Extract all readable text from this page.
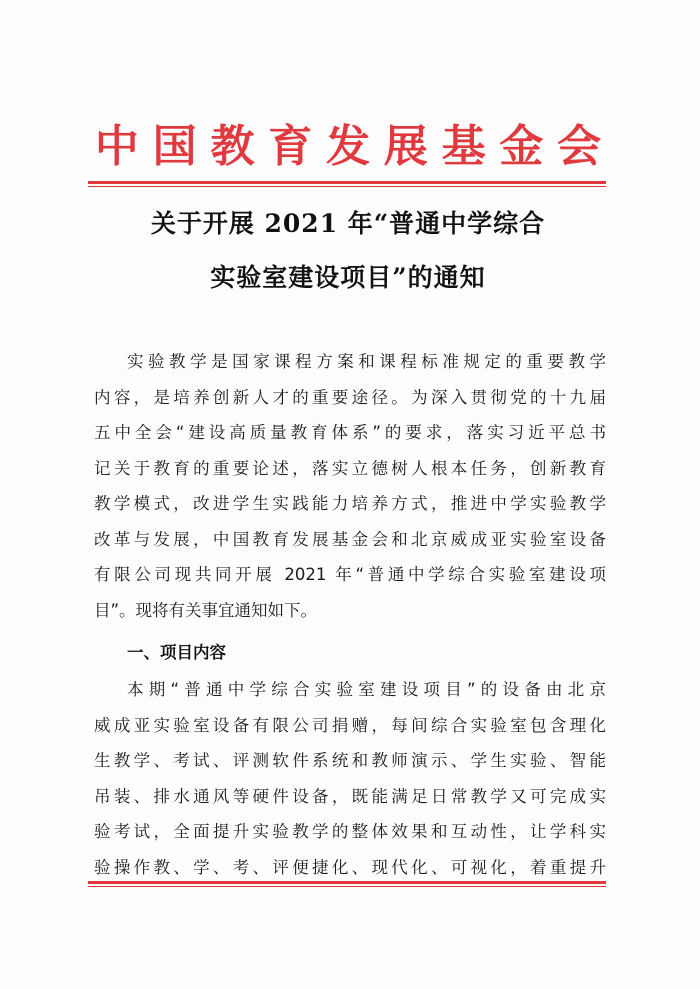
中 国 教 育 发 展 基 金 会
关于开展 2021 年“普通中学综合
实验室建设项目”的通知
实验教学是国家课程方案和课程标准规定的重要教学
内容，是培养创新人才的重要途径。为深入贯彻党的十九届
五中全会“建设高质量教育体系”的要求，落实习近平总书
记关于教育的重要论述，落实立德树人根本任务，创新教育
教学模式，改进学生实践能力培养方式，推进中学实验教学
改革与发展，中国教育发展基金会和北京威成亚实验室设备
有限公司现共同开展 2021 年“普通中学综合实验室建设项
目”。现将有关事宜通知如下。
一、项目内容
本期“普通中学综合实验室建设项目”的设备由北京
威成亚实验室设备有限公司捐赠，每间综合实验室包含理化
生教学、考试、评测软件系统和教师演示、学生实验、智能
吊装、排水通风等硬件设备，既能满足日常教学又可完成实
验考试，全面提升实验教学的整体效果和互动性，让学科实
验操作教、学、考、评便捷化、现代化、可视化，着重提升
